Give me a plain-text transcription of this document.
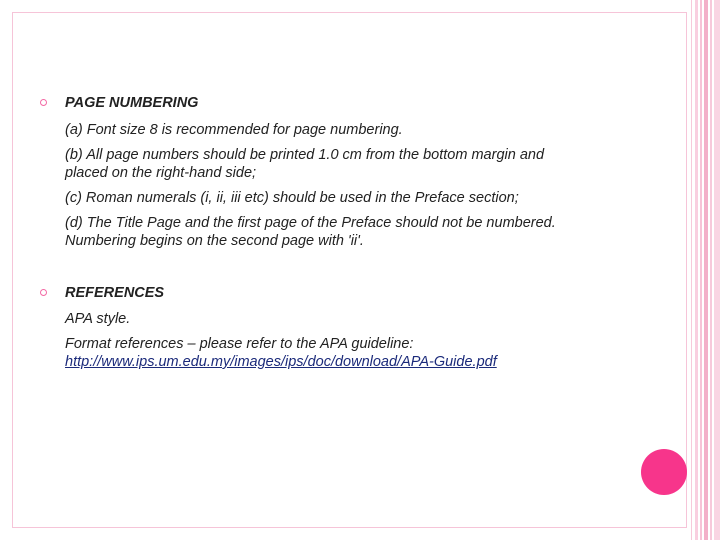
PAGE NUMBERING
(a) Font size 8 is recommended for page numbering.
(b) All page numbers should be printed 1.0 cm from the bottom margin and
placed on the right-hand side;
(c) Roman numerals (i, ii, iii etc) should be used in the Preface section;
(d) The Title Page and the first page of the Preface should not be numbered.
Numbering begins on the second page with 'ii'.
REFERENCES
APA style.
Format references – please refer to the APA guideline:
http://www.ips.um.edu.my/images/ips/doc/download/APA-Guide.pdf
